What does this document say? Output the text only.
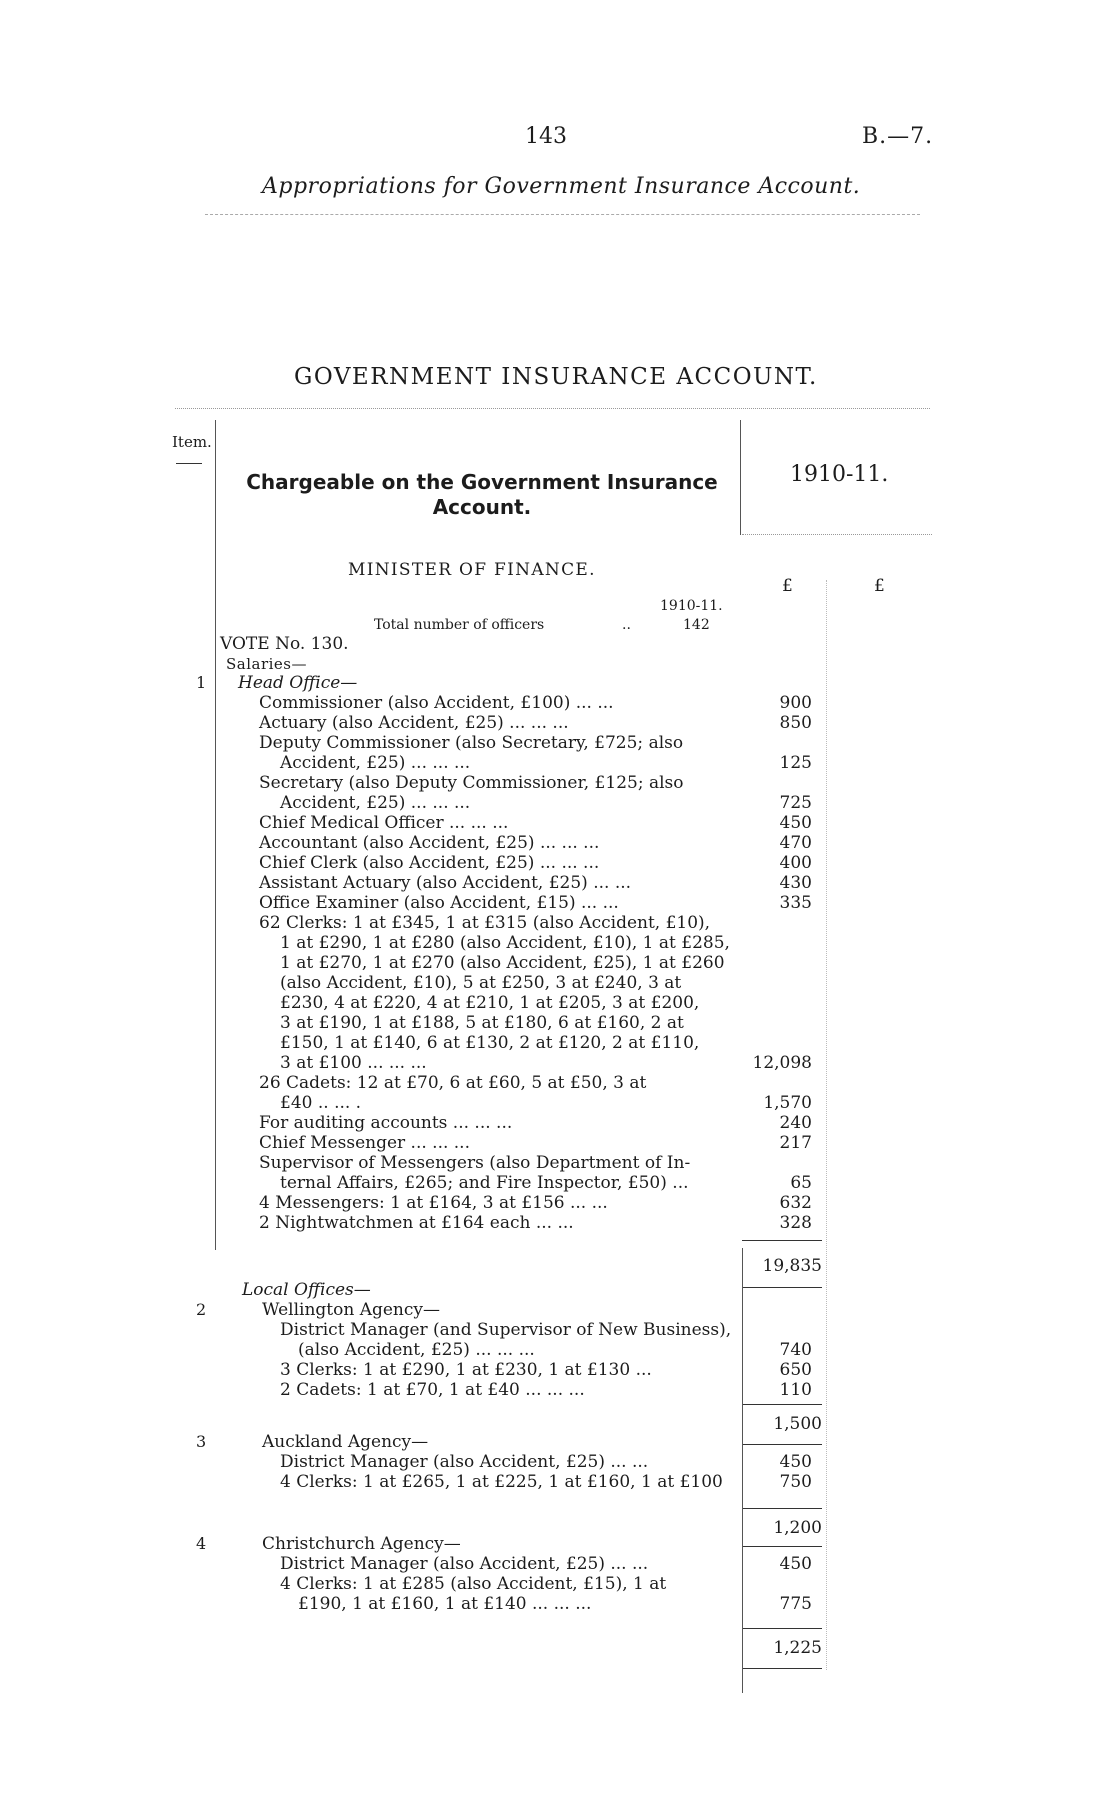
143	B.—7.
Appropriations for Government Insurance Account.
GOVERNMENT INSURANCE ACCOUNT.
Item.
Chargeable on the Government Insurance
Account.
1910-11.
MINISTER OF FINANCE.
£	£
1910-11.
Total number of officers	..	142
VOTE No. 130.
Salaries—
1 Head Office—
Commissioner (also Accident, £100) ... ...	900
Actuary (also Accident, £25) ... ... ...	850
Deputy Commissioner (also Secretary, £725; also
Accident, £25) ... ... ...	125
Secretary (also Deputy Commissioner, £125; also
Accident, £25) ... ... ...	725
Chief Medical Officer ... ... ...	450
Accountant (also Accident, £25) ... ... ...	470
Chief Clerk (also Accident, £25) ... ... ...	400
Assistant Actuary (also Accident, £25) ... ...	430
Office Examiner (also Accident, £15) ... ...	335
62 Clerks: 1 at £345, 1 at £315 (also Accident, £10),
1 at £290, 1 at £280 (also Accident, £10), 1 at £285,
1 at £270, 1 at £270 (also Accident, £25), 1 at £260
(also Accident, £10), 5 at £250, 3 at £240, 3 at
£230, 4 at £220, 4 at £210, 1 at £205, 3 at £200,
3 at £190, 1 at £188, 5 at £180, 6 at £160, 2 at
£150, 1 at £140, 6 at £130, 2 at £120, 2 at £110,
3 at £100 ... ... ...	12,098
26 Cadets: 12 at £70, 6 at £60, 5 at £50, 3 at
£40 .. ... .	1,570
For auditing accounts ... ... ...	240
Chief Messenger ... ... ...	217
Supervisor of Messengers (also Department of In-
ternal Affairs, £265; and Fire Inspector, £50) ...	65
4 Messengers: 1 at £164, 3 at £156 ... ...	632
2 Nightwatchmen at £164 each ... ...	328
19,835
Local Offices—
2	Wellington Agency—
District Manager (and Supervisor of New Business),
(also Accident, £25) ... ... ...	740
3 Clerks: 1 at £290, 1 at £230, 1 at £130 ...	650
2 Cadets: 1 at £70, 1 at £40 ... ... ...	110
1,500
3	Auckland Agency—
District Manager (also Accident, £25) ... ...	450
4 Clerks: 1 at £265, 1 at £225, 1 at £160, 1 at £100	750
1,200
4	Christchurch Agency—
District Manager (also Accident, £25) ... ...	450
4 Clerks: 1 at £285 (also Accident, £15), 1 at
£190, 1 at £160, 1 at £140 ... ... ...	775
1,225
